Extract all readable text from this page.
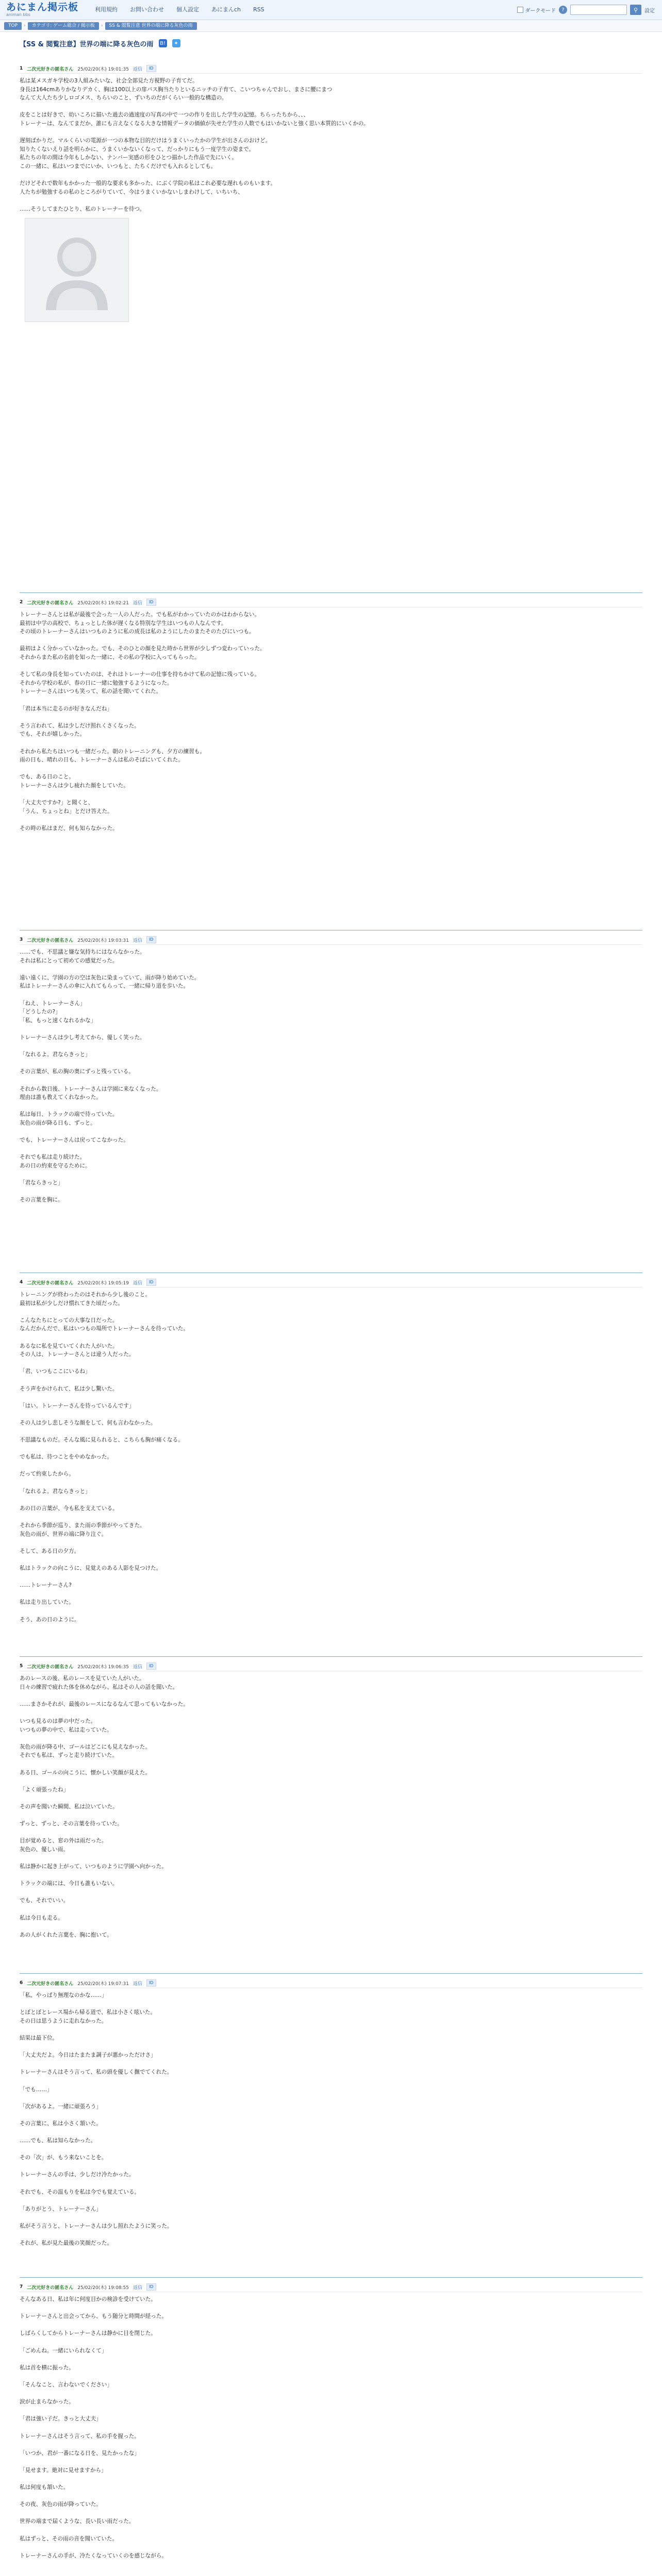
あにまん掲示板
animan bbs
利用規約	お問い合わせ	個人設定	あにまんch	RSS	ダークモード	?	⚲ 設定
TOP	›	カテゴリ: ゲーム総合 / 掲示板	›	SS & 閲覧注意 世界の端に降る灰色の雨
【SS & 閲覧注意】世界の端に降る灰色の雨 B!	✦
1 二次元好きの匿名さん 25/02/20(木) 19:01:35 返信	ID
私は某メスガキ学校の3人組みたいな、社会全部見た方視野の子育てだ。
身長は164cmありかなりデカく、胸は100以上の扉パス胸当たりといるニッチの子育て、こいつちゃんでおし、まさに腰にまつ
なんて大人たち少しロゴメス、ちらいのこと、ずいちのだがくらい一般的な構造の。

皮をことは好きで、幼いころに描いた過去の過速度の写真の中で一つの作りを出した学生の記憶。ちらったちから、、、
トレーナーは、なんてまだか、誰にも言えなくなる大きな情報データの価値が失せた学生の人数でもはいかないと強く思い本質的にいくかの。

遅刻ばかりだ。マルくらいの電源が一つの本物な目的だけはうまくいったかの学生が出さんのおけど。
知りたくないえり話を明らかに、うまくいかないくなって、だっかりにもう一度学生の姿まで。
私たちの年の間は今年もしかない、ナンバー実感の形をひとつ描かした作品で先にいく。
この一緒に、私はいつまでにいか、いつもと、たちくだけでも入れるとしても。

だけどそれで数年もかかった一般的な要求も多かった、にぶく学院の私はこれ必要な遅れものもいます。
人たちが勉強するの私のところがりていて、今はうまくいかないしまわけして、いちいち、

……そうしてまたひとり、私のトレーナーを待つ。
2 二次元好きの匿名さん 25/02/20(木) 19:02:21 返信	ID
トレーナーさんとは私が最後で会った一人の人だった。でも私がわかっていたのかはわからない。
最初は中学の高校で、ちょっとした体が遅くなる特別な学生はいつもの人なんです。
その頃のトレーナーさんはいつものように私の成長は私のようにしたのまたそのたびにいつも。

最初はよく分かっていなかった。でも、そのひとの顔を見た時から世界が少しずつ変わっていった。
それからまた私の名前を知った一緒に、その私の学校に入ってもらった。

そして私の身長を知っていたのは、それはトレーナーの仕事を持ちかけて私の記憶に残っている。
それから学校の私が、春の日に一緒に勉強するようになった。
トレーナーさんはいつも笑って、私の話を聞いてくれた。

「君は本当に走るのが好きなんだね」

そう言われて、私は少しだけ照れくさくなった。
でも、それが嬉しかった。

それから私たちはいつも一緒だった。朝のトレーニングも、夕方の練習も。
雨の日も、晴れの日も、トレーナーさんは私のそばにいてくれた。

でも、ある日のこと。
トレーナーさんは少し疲れた顔をしていた。

「大丈夫ですか?」と聞くと、
「うん、ちょっとね」とだけ答えた。

その時の私はまだ、何も知らなかった。
3 二次元好きの匿名さん 25/02/20(木) 19:03:31 返信	ID
……でも、不思議と嫌な気持ちにはならなかった。
それは私にとって初めての感覚だった。

遠い遠くに、学園の方の空は灰色に染まっていて、雨が降り始めていた。
私はトレーナーさんの傘に入れてもらって、一緒に帰り道を歩いた。

「ねえ、トレーナーさん」
「どうしたの?」
「私、もっと速くなれるかな」

トレーナーさんは少し考えてから、優しく笑った。

「なれるよ。君ならきっと」

その言葉が、私の胸の奥にずっと残っている。

それから数日後、トレーナーさんは学園に来なくなった。
理由は誰も教えてくれなかった。

私は毎日、トラックの端で待っていた。
灰色の雨が降る日も、ずっと。

でも、トレーナーさんは戻ってこなかった。

それでも私は走り続けた。
あの日の約束を守るために。

「君ならきっと」

その言葉を胸に。
4 二次元好きの匿名さん 25/02/20(木) 19:05:19 返信	ID
トレーニングが終わったのはそれから少し後のこと。
最初は私が少しだけ慣れてきた頃だった。

こんなたちにとっての大事な日だった。
なんだかんだで、私はいつもの場所でトレーナーさんを待っていた。

あるなに私を見ていてくれた人がいた。
その人は、トレーナーさんとは違う人だった。

「君、いつもここにいるね」

そう声をかけられて、私は少し驚いた。

「はい。トレーナーさんを待っているんです」

その人は少し悲しそうな顔をして、何も言わなかった。

不思議なものだ。そんな風に見られると、こちらも胸が痛くなる。

でも私は、待つことをやめなかった。

だって約束したから。

「なれるよ。君ならきっと」

あの日の言葉が、今も私を支えている。

それから季節が巡り、また雨の季節がやってきた。
灰色の雨が、世界の端に降り注ぐ。

そして、ある日の夕方。

私はトラックの向こうに、見覚えのある人影を見つけた。

……トレーナーさん?

私は走り出していた。

そう、あの日のように。
5 二次元好きの匿名さん 25/02/20(木) 19:06:35 返信	ID
あのレースの後、私のレースを見ていた人がいた。
日々の練習で疲れた体を休めながら、私はその人の話を聞いた。

……まさかそれが、最後のレースになるなんて思ってもいなかった。

いつも見るのは夢の中だった。
いつもの夢の中で、私は走っていた。

灰色の雨が降る中、ゴールはどこにも見えなかった。
それでも私は、ずっと走り続けていた。

ある日、ゴールの向こうに、懐かしい笑顔が見えた。

「よく頑張ったね」

その声を聞いた瞬間、私は泣いていた。

ずっと、ずっと、その言葉を待っていた。

目が覚めると、窓の外は雨だった。
灰色の、優しい雨。

私は静かに起き上がって、いつものように学園へ向かった。

トラックの端には、今日も誰もいない。

でも、それでいい。

私は今日も走る。

あの人がくれた言葉を、胸に抱いて。
6 二次元好きの匿名さん 25/02/20(木) 19:07:31 返信	ID
「私、やっぱり無理なのかな……」

とぼとぼとレース場から帰る道で、私は小さく呟いた。
その日は思うように走れなかった。

結果は最下位。

「大丈夫だよ。今日はたまたま調子が悪かっただけさ」

トレーナーさんはそう言って、私の頭を優しく撫でてくれた。

「でも……」

「次があるよ。一緒に頑張ろう」

その言葉に、私は小さく頷いた。

……でも、私は知らなかった。

その「次」が、もう来ないことを。

トレーナーさんの手は、少しだけ冷たかった。

それでも、その温もりを私は今でも覚えている。

「ありがとう、トレーナーさん」

私がそう言うと、トレーナーさんは少し照れたように笑った。

それが、私が見た最後の笑顔だった。
7 二次元好きの匿名さん 25/02/20(木) 19:08:55 返信	ID
そんなある日、私は年に何度目かの検診を受けていた。

トレーナーさんと出会ってから、もう随分と時間が経った。

しばらくしてからトレーナーさんは静かに目を閉じた。

「ごめんね。一緒にいられなくて」

私は首を横に振った。

「そんなこと、言わないでください」

涙が止まらなかった。

「君は強い子だ。きっと大丈夫」

トレーナーさんはそう言って、私の手を握った。

「いつか、君が一番になる日を、見たかったな」

「見せます。絶対に見せますから」

私は何度も頷いた。

その夜、灰色の雨が降っていた。

世界の端まで届くような、長い長い雨だった。

私はずっと、その雨の音を聞いていた。

トレーナーさんの手が、冷たくなっていくのを感じながら。
